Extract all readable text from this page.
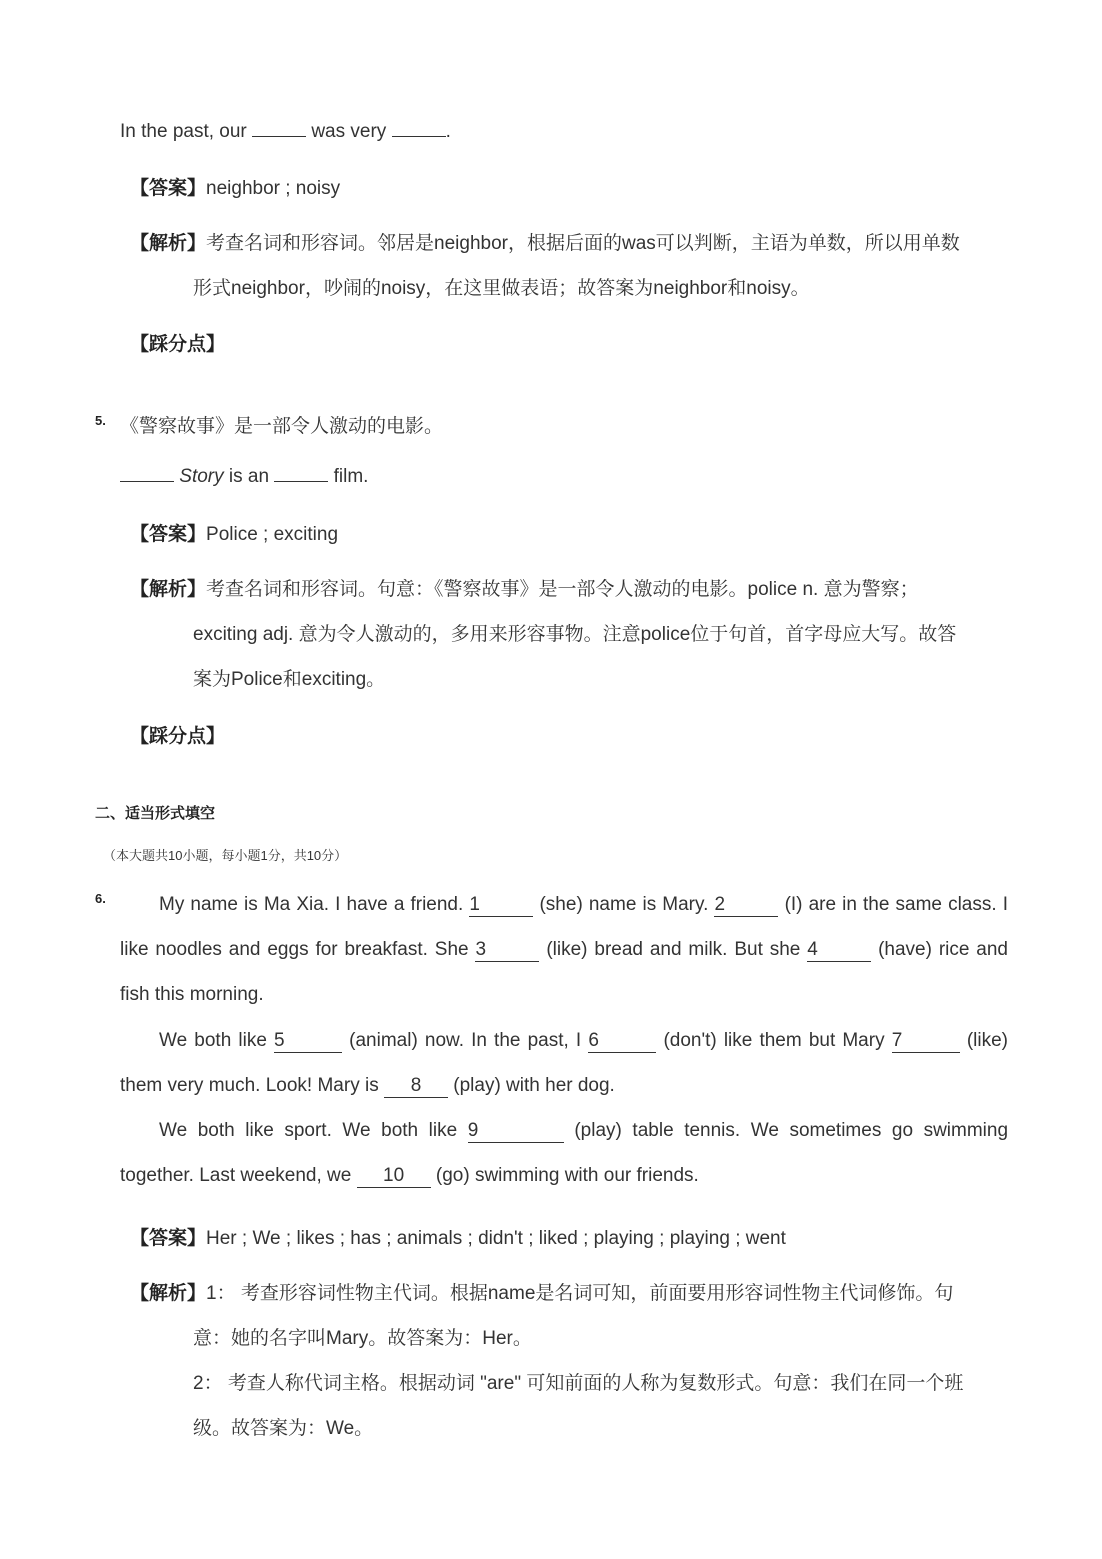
In the past, our	was very	.
【答案】neighbor ; noisy
【解析】考查名词和形容词。邻居是neighbor，根据后面的was可以判断，主语为单数，所以用单数
形式neighbor，吵闹的noisy，在这里做表语；故答案为neighbor和noisy。
【踩分点】
5. 《警察故事》是一部令人激动的电影。
Story is an	film.
【答案】Police ; exciting
【解析】考查名词和形容词。句意：《警察故事》是一部令人激动的电影。police n. 意为警察；
exciting adj. 意为令人激动的，多用来形容事物。注意police位于句首，首字母应大写。故答
案为Police和exciting。
【踩分点】
二、适当形式填空
（本大题共10小题，每小题1分，共10分）
6.	My name is Ma Xia. I have a friend. 1	(she) name is Mary. 2	(I) are in the same class. I
like noodles and eggs for breakfast. She 3	(like) bread and milk. But she 4	(have) rice and
fish this morning.
We both like 5	(animal) now. In the past, I 6	(don't) like them but Mary 7	(like)
them very much. Look! Mary is 8 (play) with her dog.
We both like sport. We both like 9	(play) table tennis. We sometimes go swimming
together. Last weekend, we 10 (go) swimming with our friends.
【答案】Her ; We ; likes ; has ; animals ; didn't ; liked ; playing ; playing ; went
【解析】1： 考查形容词性物主代词。根据name是名词可知，前面要用形容词性物主代词修饰。句
意：她的名字叫Mary。故答案为：Her。
2： 考查人称代词主格。根据动词 "are" 可知前面的人称为复数形式。句意：我们在同一个班
级。故答案为：We。
